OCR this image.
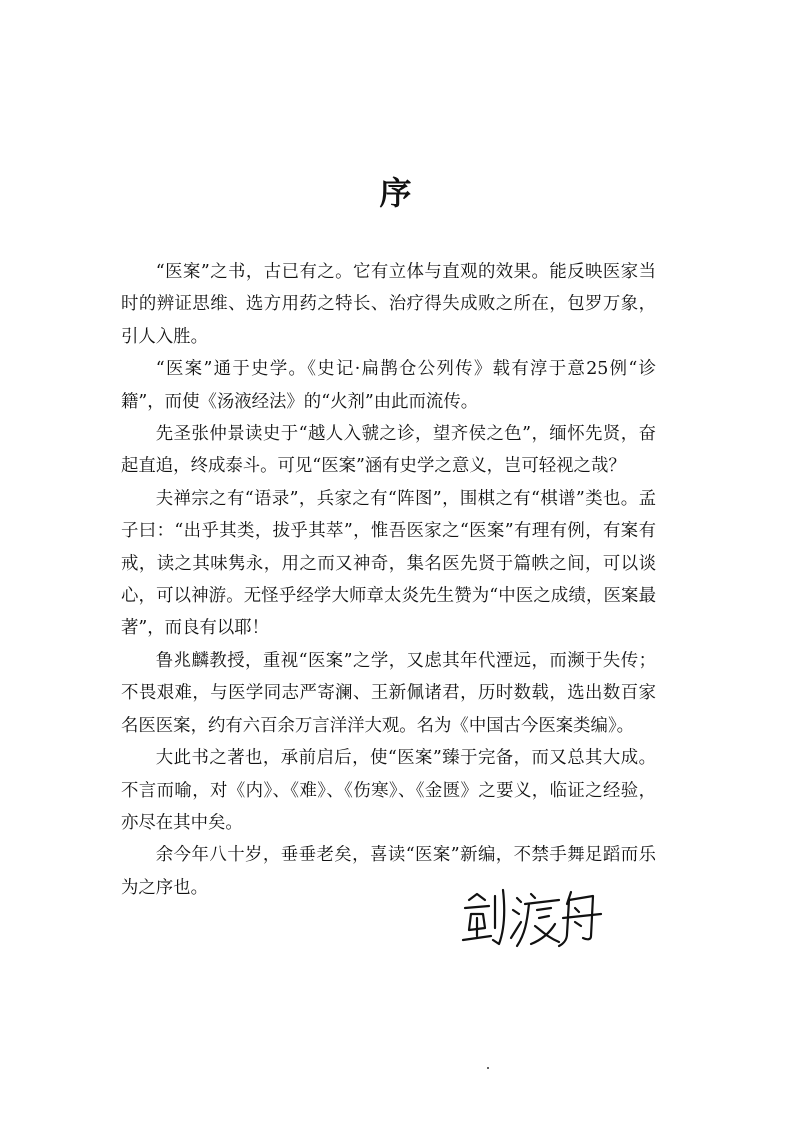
序

“医案”之书，古已有之。它有立体与直观的效果。能反映医家当时的辨证思维、选方用药之特长、治疗得失成败之所在，包罗万象，引人入胜。

“医案”通于史学。《史记·扁鹊仓公列传》载有淳于意25例“诊籍”，而使《汤液经法》的“火剂”由此而流传。

先圣张仲景读史于“越人入虢之诊，望齐侯之色”，缅怀先贤，奋起直追，终成泰斗。可见“医案”涵有史学之意义，岂可轻视之哉？

夫禅宗之有“语录”，兵家之有“阵图”，围棋之有“棋谱”类也。孟子曰：“出乎其类，拔乎其萃”，惟吾医家之“医案”有理有例，有案有戒，读之其味隽永，用之而又神奇，集名医先贤于篇帙之间，可以谈心，可以神游。无怪乎经学大师章太炎先生赞为“中医之成绩，医案最著”，而良有以耶！

鲁兆麟教授，重视“医案”之学，又虑其年代湮远，而濒于失传；不畏艰难，与医学同志严寄澜、王新佩诸君，历时数载，选出数百家名医医案，约有六百余万言洋洋大观。名为《中国古今医案类编》。

大此书之著也，承前启后，使“医案”臻于完备，而又总其大成。不言而喻，对《内》、《难》、《伤寒》、《金匮》之要义，临证之经验，亦尽在其中矣。

余今年八十岁，垂垂老矣，喜读“医案”新编，不禁手舞足蹈而乐为之序也。
